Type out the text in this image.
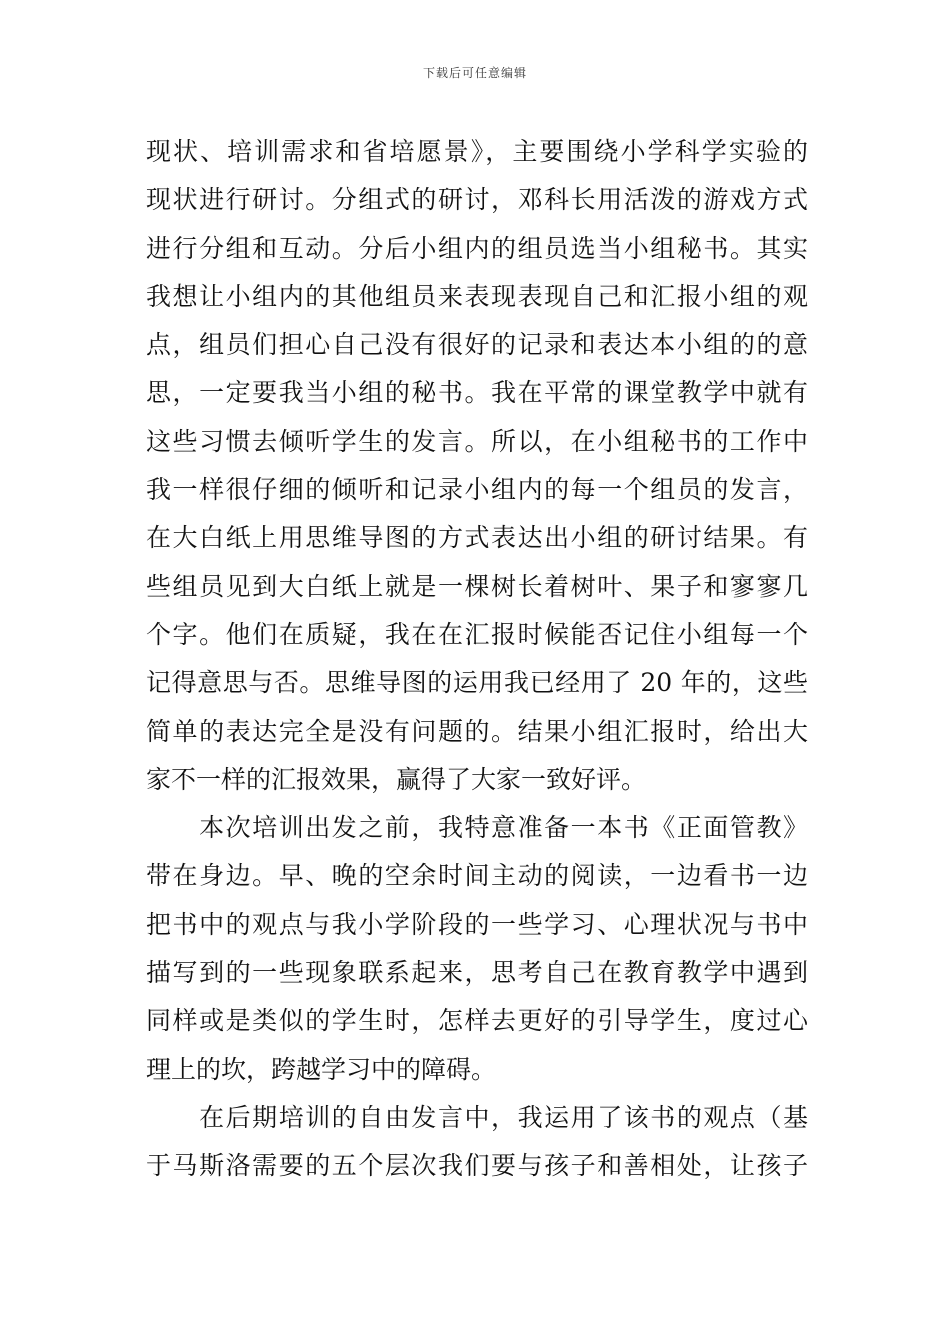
下载后可任意编辑
现状、培训需求和省培愿景》，主要围绕小学科学实验的
现状进行研讨。分组式的研讨，邓科长用活泼的游戏方式
进行分组和互动。分后小组内的组员选当小组秘书。其实
我想让小组内的其他组员来表现表现自己和汇报小组的观
点，组员们担心自己没有很好的记录和表达本小组的的意
思，一定要我当小组的秘书。我在平常的课堂教学中就有
这些习惯去倾听学生的发言。所以，在小组秘书的工作中
我一样很仔细的倾听和记录小组内的每一个组员的发言，
在大白纸上用思维导图的方式表达出小组的研讨结果。有
些组员见到大白纸上就是一棵树长着树叶、果子和寥寥几
个字。他们在质疑，我在在汇报时候能否记住小组每一个
记得意思与否。思维导图的运用我已经用了 20 年的，这些
简单的表达完全是没有问题的。结果小组汇报时，给出大
家不一样的汇报效果，赢得了大家一致好评。
　　本次培训出发之前，我特意准备一本书《正面管教》
带在身边。早、晚的空余时间主动的阅读，一边看书一边
把书中的观点与我小学阶段的一些学习、心理状况与书中
描写到的一些现象联系起来，思考自己在教育教学中遇到
同样或是类似的学生时，怎样去更好的引导学生，度过心
理上的坎，跨越学习中的障碍。
　　在后期培训的自由发言中，我运用了该书的观点（基
于马斯洛需要的五个层次我们要与孩子和善相处，让孩子
